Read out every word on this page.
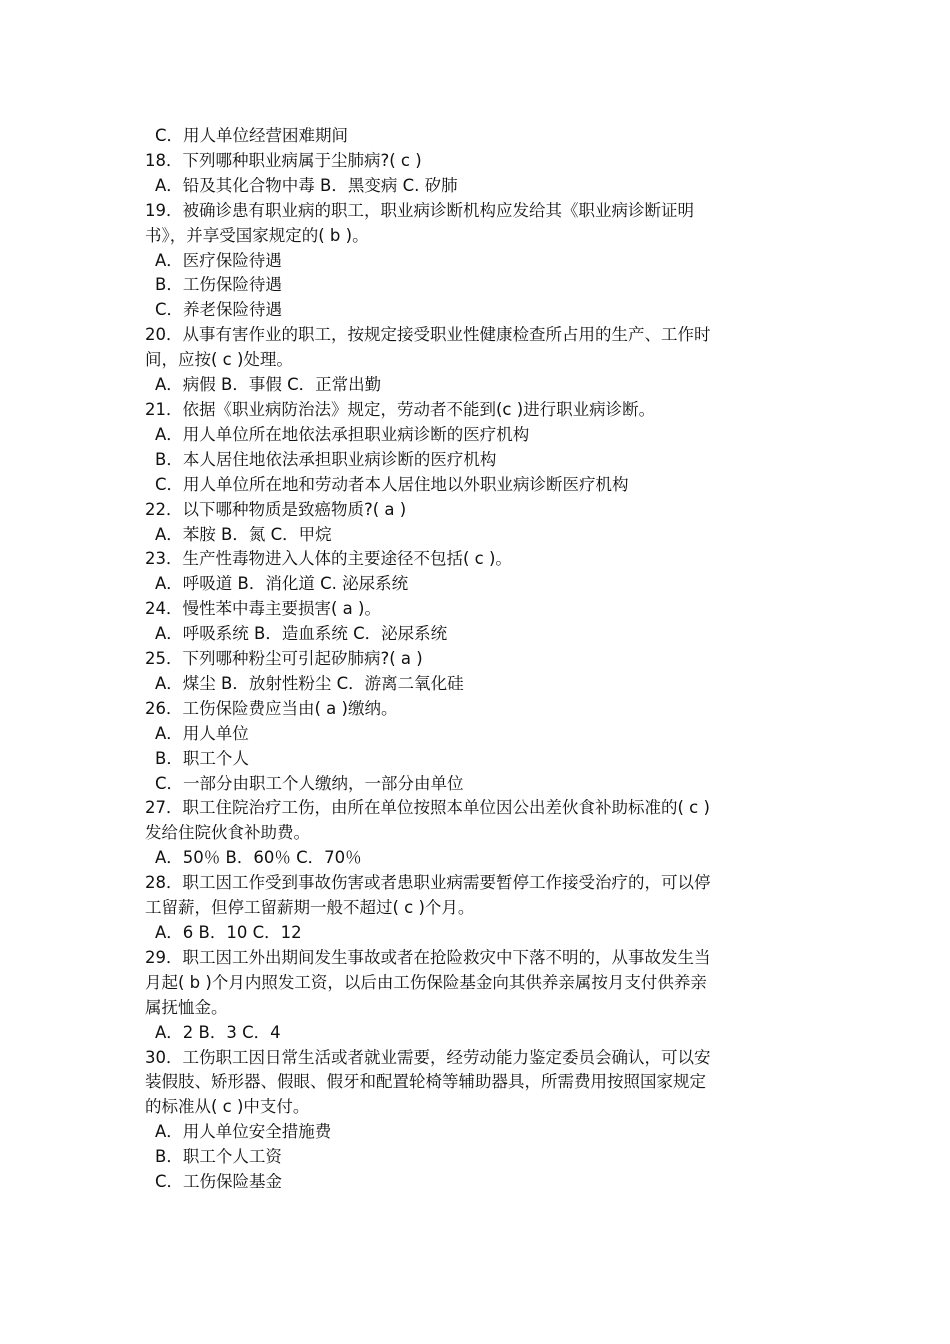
C．用人单位经营困难期间
18．下列哪种职业病属于尘肺病?( c )
A．铅及其化合物中毒 B．黑变病 C. 矽肺
19．被确诊患有职业病的职工，职业病诊断机构应发给其《职业病诊断证明
书》，并享受国家规定的( b )。
A．医疗保险待遇
B．工伤保险待遇
C．养老保险待遇
20．从事有害作业的职工，按规定接受职业性健康检查所占用的生产、工作时
间，应按( c )处理。
A．病假 B．事假 C．正常出勤
21．依据《职业病防治法》规定，劳动者不能到(c )进行职业病诊断。
A．用人单位所在地依法承担职业病诊断的医疗机构
B．本人居住地依法承担职业病诊断的医疗机构
C．用人单位所在地和劳动者本人居住地以外职业病诊断医疗机构
22．以下哪种物质是致癌物质?( a )
A．苯胺 B．氮 C．甲烷
23．生产性毒物进入人体的主要途径不包括( c )。
A．呼吸道 B．消化道 C. 泌尿系统
24．慢性苯中毒主要损害( a )。
A．呼吸系统 B．造血系统 C．泌尿系统
25．下列哪种粉尘可引起矽肺病?( a )
A．煤尘 B．放射性粉尘 C．游离二氧化硅
26．工伤保险费应当由( a )缴纳。
A．用人单位
B．职工个人
C．一部分由职工个人缴纳，一部分由单位
27．职工住院治疗工伤，由所在单位按照本单位因公出差伙食补助标准的( c )
发给住院伙食补助费。
A．50％ B．60％ C．70％
28．职工因工作受到事故伤害或者患职业病需要暂停工作接受治疗的，可以停
工留薪，但停工留薪期一般不超过( c )个月。
A．6 B．10 C．12
29．职工因工外出期间发生事故或者在抢险救灾中下落不明的，从事故发生当
月起( b )个月内照发工资，以后由工伤保险基金向其供养亲属按月支付供养亲
属抚恤金。
A．2 B．3 C．4
30．工伤职工因日常生活或者就业需要，经劳动能力鉴定委员会确认，可以安
装假肢、矫形器、假眼、假牙和配置轮椅等辅助器具，所需费用按照国家规定
的标准从( c )中支付。
A．用人单位安全措施费
B．职工个人工资
C．工伤保险基金
